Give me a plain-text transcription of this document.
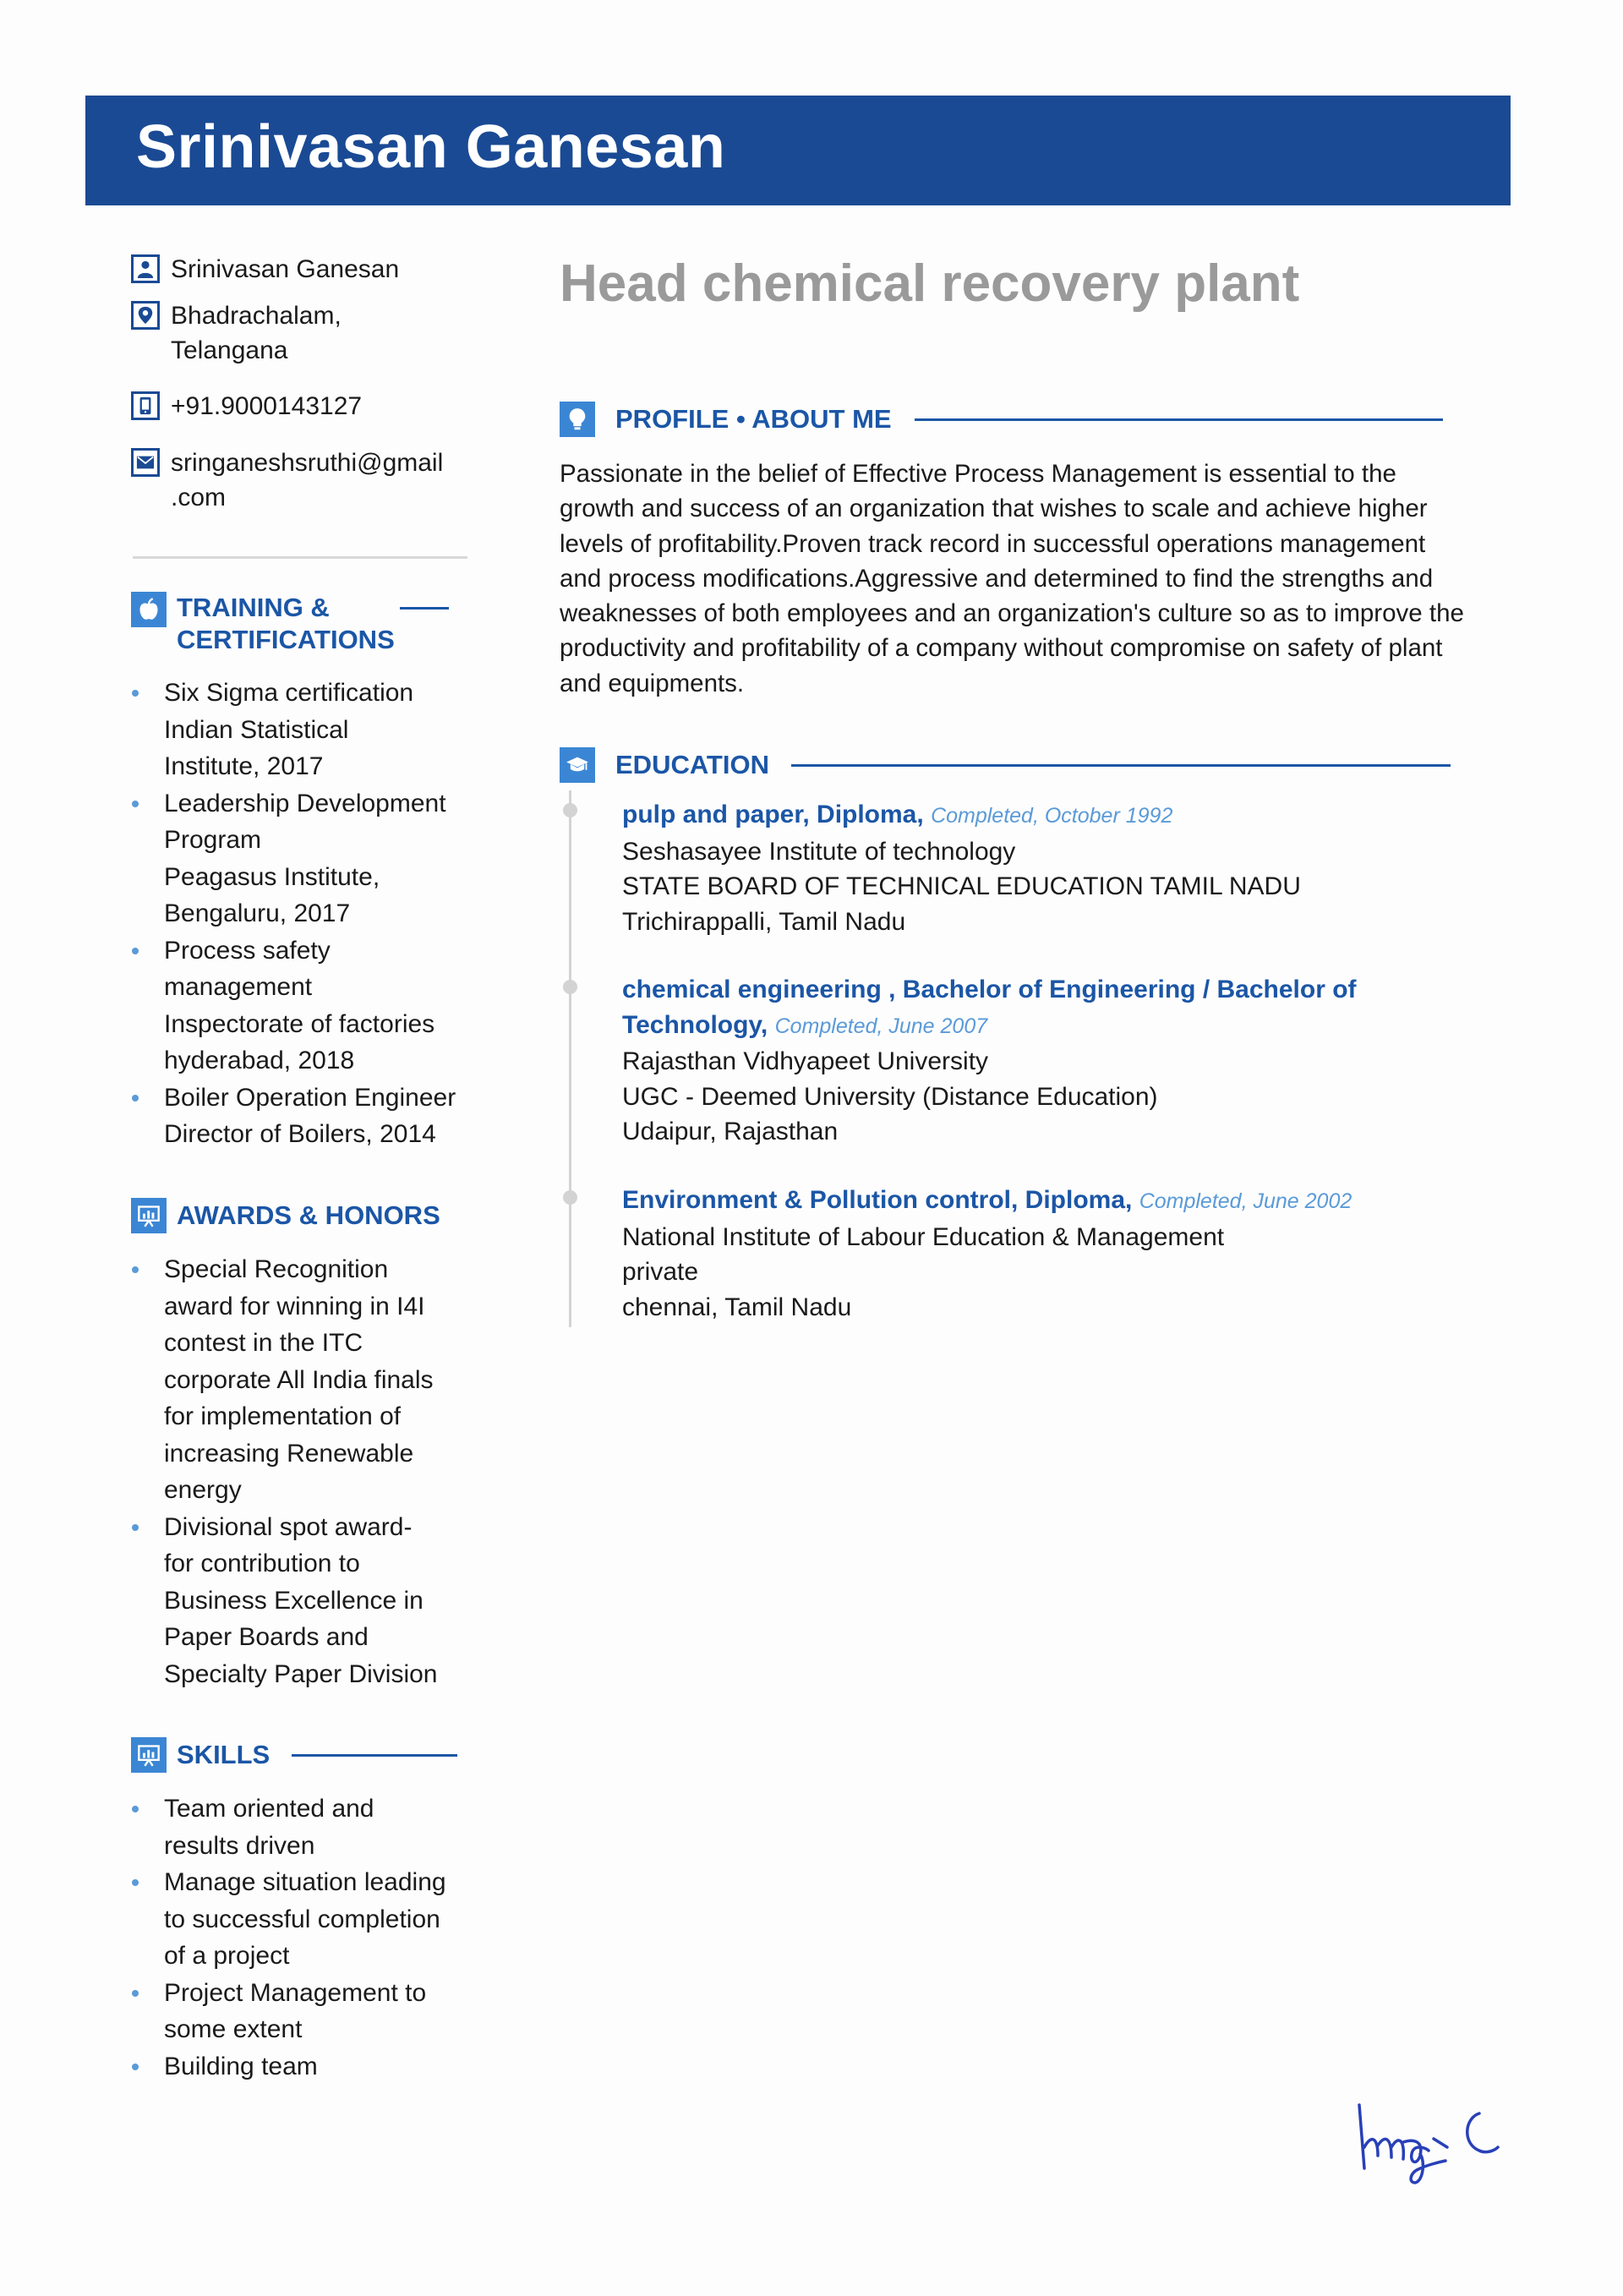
Srinivasan Ganesan
Srinivasan Ganesan
Bhadrachalam,
Telangana
+91.9000143127
sringaneshsruthi@gmail
.com
TRAINING &
CERTIFICATIONS
Six Sigma certification
Indian Statistical
Institute, 2017
Leadership Development
Program
Peagasus Institute,
Bengaluru, 2017
Process safety
management
Inspectorate of factories
hyderabad, 2018
Boiler Operation Engineer
Director of Boilers, 2014
AWARDS & HONORS
Special Recognition
award for winning in I4I
contest in the ITC
corporate All India finals
for implementation of
increasing Renewable
energy
Divisional spot award-
for contribution to
Business Excellence in
Paper Boards and
Specialty Paper Division
SKILLS
Team oriented and
results driven
Manage situation leading
to successful completion
of a project
Project Management to
some extent
Building team
Head chemical recovery plant
PROFILE • ABOUT ME

Passionate in the belief of Effective Process Management is essential to the growth and success of an organization that wishes to scale and achieve higher levels of profitability.Proven track record in successful operations management and process modifications.Aggressive and determined to find the strengths and weaknesses of both employees and an organization's culture so as to improve the productivity and profitability of a company without compromise on safety of plant and equipments.

EDUCATION
pulp and paper, Diploma, Completed, October 1992
Seshasayee Institute of technology
STATE BOARD OF TECHNICAL EDUCATION TAMIL NADU
Trichirappalli, Tamil Nadu
chemical engineering , Bachelor of Engineering / Bachelor of
Technology, Completed, June 2007
Rajasthan Vidhyapeet University
UGC - Deemed University (Distance Education)
Udaipur, Rajasthan
Environment & Pollution control, Diploma, Completed, June 2002
National Institute of Labour Education & Management
private
chennai, Tamil Nadu
